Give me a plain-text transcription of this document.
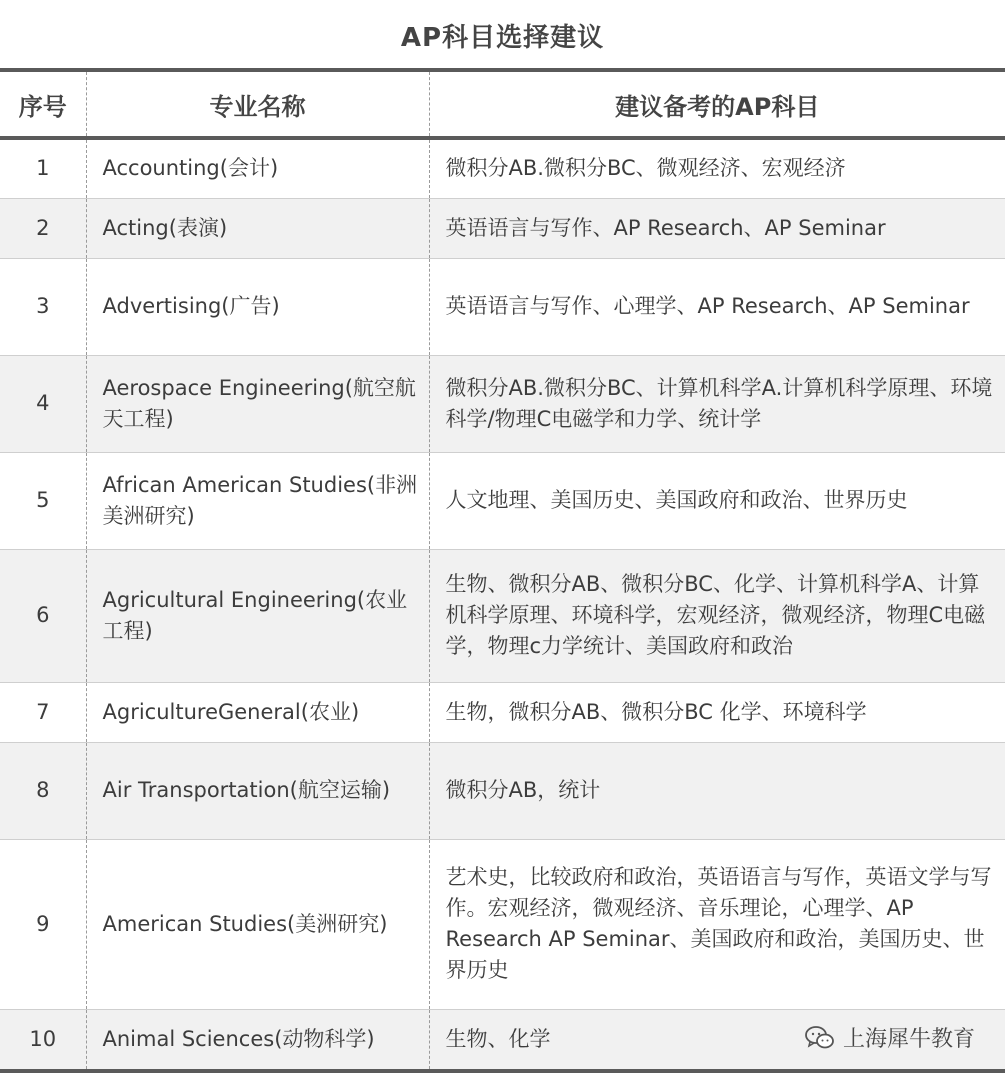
AP科目选择建议
序号	专业名称	建议备考的AP科目
1	Accounting(会计)	微积分AB.微积分BC、微观经济、宏观经济
2	Acting(表演)	英语语言与写作、AP Research、AP Seminar
3	Advertising(广告)	英语语言与写作、心理学、AP Research、AP Seminar
4	Aerospace Engineering(航空航天工程)	微积分AB.微积分BC、计算机科学A.计算机科学原理、环境科学/物理C电磁学和力学、统计学
5	African American Studies(非洲美洲研究)	人文地理、美国历史、美国政府和政治、世界历史
6	Agricultural Engineering(农业工程)	生物、微积分AB、微积分BC、化学、计算机科学A、计算机科学原理、环境科学，宏观经济，微观经济，物理C电磁学，物理c力学统计、美国政府和政治
7	AgricultureGeneral(农业)	生物，微积分AB、微积分BC 化学、环境科学
8	Air Transportation(航空运输)	微积分AB，统计
9	American Studies(美洲研究)	艺术史，比较政府和政治，英语语言与写作，英语文学与写作。宏观经济，微观经济、音乐理论，心理学、AP Research AP Seminar、美国政府和政治，美国历史、世界历史
10	Animal Sciences(动物科学)	生物、化学	上海犀牛教育
